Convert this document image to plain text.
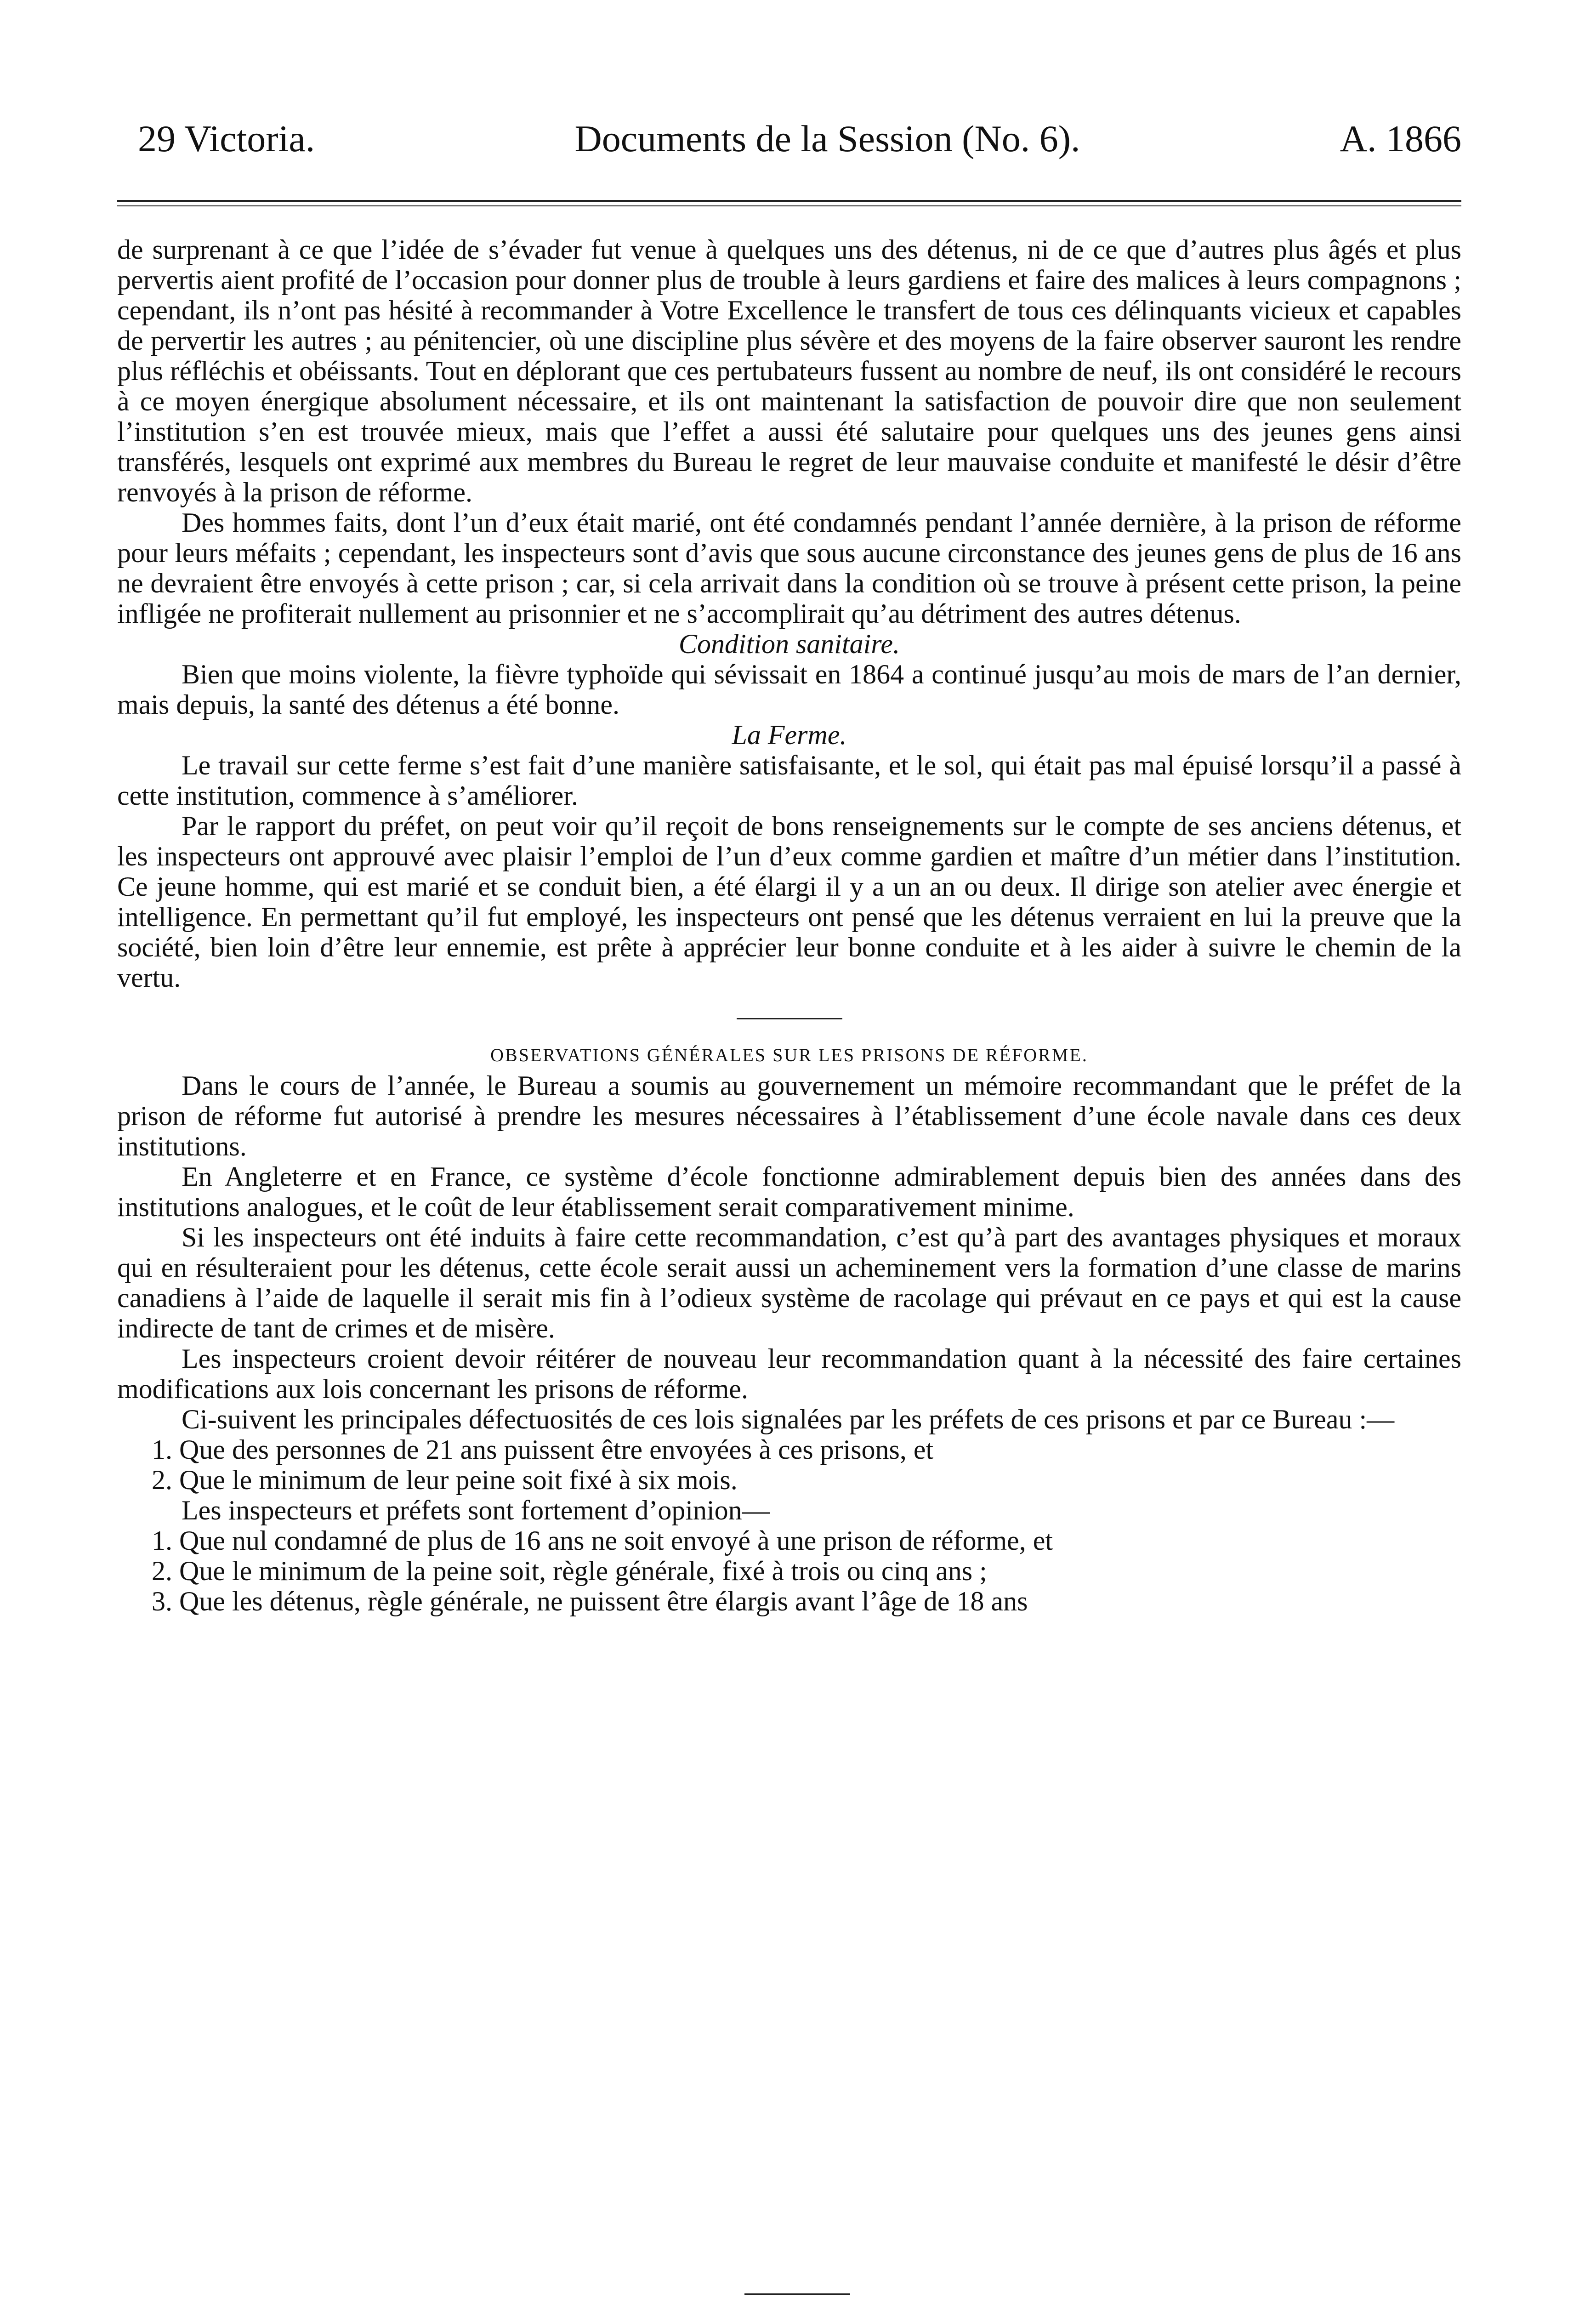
29 Victoria.	Documents de la Session (No. 6).	A. 1866

de surprenant à ce que l’idée de s’évader fut venue à quelques uns des détenus, ni de ce que d’autres plus âgés et plus pervertis aient profité de l’occasion pour donner plus de trouble à leurs gardiens et faire des malices à leurs compagnons ; cependant, ils n’ont pas hésité à recommander à Votre Excellence le transfert de tous ces délinquants vicieux et capables de pervertir les autres ; au pénitencier, où une discipline plus sévère et des moyens de la faire observer sauront les rendre plus réfléchis et obéissants. Tout en déplorant que ces pertubateurs fussent au nombre de neuf, ils ont considéré le recours à ce moyen énergique absolument nécessaire, et ils ont maintenant la satisfaction de pouvoir dire que non seulement l’institution s’en est trouvée mieux, mais que l’effet a aussi été salutaire pour quelques uns des jeunes gens ainsi transférés, lesquels ont exprimé aux membres du Bureau le regret de leur mauvaise conduite et manifesté le désir d’être renvoyés à la prison de réforme.

Des hommes faits, dont l’un d’eux était marié, ont été condamnés pendant l’année dernière, à la prison de réforme pour leurs méfaits ; cependant, les inspecteurs sont d’avis que sous aucune circonstance des jeunes gens de plus de 16 ans ne devraient être envoyés à cette prison ; car, si cela arrivait dans la condition où se trouve à présent cette prison, la peine infligée ne profiterait nullement au prisonnier et ne s’accomplirait qu’au détriment des autres détenus.

Condition sanitaire.

Bien que moins violente, la fièvre typhoïde qui sévissait en 1864 a continué jusqu’au mois de mars de l’an dernier, mais depuis, la santé des détenus a été bonne.

La Ferme.

Le travail sur cette ferme s’est fait d’une manière satisfaisante, et le sol, qui était pas mal épuisé lorsqu’il a passé à cette institution, commence à s’améliorer.

Par le rapport du préfet, on peut voir qu’il reçoit de bons renseignements sur le compte de ses anciens détenus, et les inspecteurs ont approuvé avec plaisir l’emploi de l’un d’eux comme gardien et maître d’un métier dans l’institution. Ce jeune homme, qui est marié et se conduit bien, a été élargi il y a un an ou deux. Il dirige son atelier avec énergie et intelligence. En permettant qu’il fut employé, les inspecteurs ont pensé que les détenus verraient en lui la preuve que la société, bien loin d’être leur ennemie, est prête à apprécier leur bonne conduite et à les aider à suivre le chemin de la vertu.

OBSERVATIONS GÉNÉRALES SUR LES PRISONS DE RÉFORME.

Dans le cours de l’année, le Bureau a soumis au gouvernement un mémoire recommandant que le préfet de la prison de réforme fut autorisé à prendre les mesures nécessaires à l’établissement d’une école navale dans ces deux institutions.

En Angleterre et en France, ce système d’école fonctionne admirablement depuis bien des années dans des institutions analogues, et le coût de leur établissement serait comparativement minime.

Si les inspecteurs ont été induits à faire cette recommandation, c’est qu’à part des avantages physiques et moraux qui en résulteraient pour les détenus, cette école serait aussi un acheminement vers la formation d’une classe de marins canadiens à l’aide de laquelle il serait mis fin à l’odieux système de racolage qui prévaut en ce pays et qui est la cause indirecte de tant de crimes et de misère.

Les inspecteurs croient devoir réitérer de nouveau leur recommandation quant à la nécessité des faire certaines modifications aux lois concernant les prisons de réforme.

Ci-suivent les principales défectuosités de ces lois signalées par les préfets de ces prisons et par ce Bureau :—

1. Que des personnes de 21 ans puissent être envoyées à ces prisons, et

2. Que le minimum de leur peine soit fixé à six mois.

Les inspecteurs et préfets sont fortement d’opinion—

1. Que nul condamné de plus de 16 ans ne soit envoyé à une prison de réforme, et

2. Que le minimum de la peine soit, règle générale, fixé à trois ou cinq ans ;

3. Que les détenus, règle générale, ne puissent être élargis avant l’âge de 18 ans
